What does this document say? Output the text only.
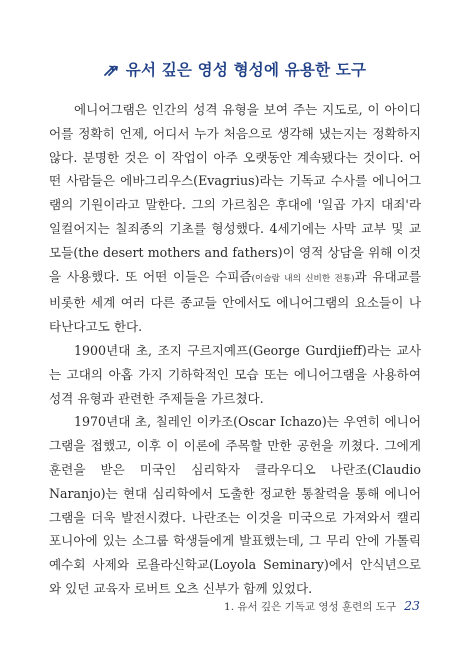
유서 깊은 영성 형성에 유용한 도구

에니어그램은 인간의 성격 유형을 보여 주는 지도로, 이 아이디어를 정확히 언제, 어디서 누가 처음으로 생각해 냈는지는 정확하지 않다. 분명한 것은 이 작업이 아주 오랫동안 계속됐다는 것이다. 어떤 사람들은 에바그리우스(Evagrius)라는 기독교 수사를 에니어그램의 기원이라고 말한다. 그의 가르침은 후대에 '일곱 가지 대죄'라 일컬어지는 칠죄종의 기초를 형성했다. 4세기에는 사막 교부 및 교모들(the desert mothers and fathers)이 영적 상담을 위해 이것을 사용했다. 또 어떤 이들은 수피즘(이슬람 내의 신비한 전통)과 유대교를 비롯한 세계 여러 다른 종교들 안에서도 에니어그램의 요소들이 나타난다고도 한다.

1900년대 초, 조지 구르지예프(George Gurdjieff)라는 교사는 고대의 아홉 가지 기하학적인 모습 또는 에니어그램을 사용하여 성격 유형과 관련한 주제들을 가르쳤다.

1970년대 초, 칠레인 이카조(Oscar Ichazo)는 우연히 에니어그램을 접했고, 이후 이 이론에 주목할 만한 공헌을 끼쳤다. 그에게 훈련을 받은 미국인 심리학자 클라우디오 나란조(Claudio Naranjo)는 현대 심리학에서 도출한 정교한 통찰력을 통해 에니어그램을 더욱 발전시켰다. 나란조는 이것을 미국으로 가져와서 캘리포니아에 있는 소그룹 학생들에게 발표했는데, 그 무리 안에 가톨릭 예수회 사제와 로욜라신학교(Loyola Seminary)에서 안식년으로 와 있던 교육자 로버트 오츠 신부가 함께 있었다.

1. 유서 깊은 기독교 영성 훈련의 도구 23
